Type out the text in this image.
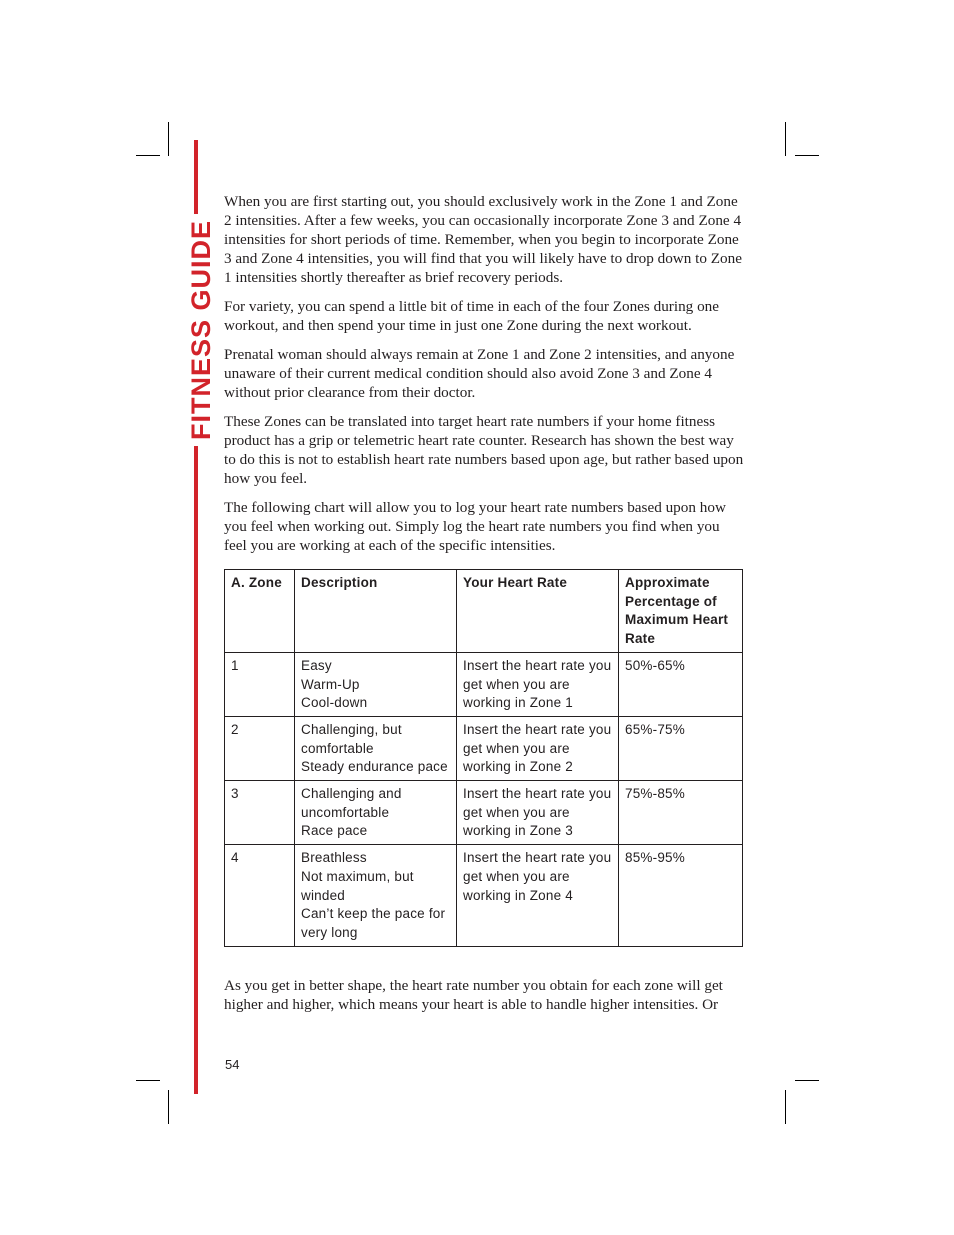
FITNESS GUIDE

When you are first starting out, you should exclusively work in the Zone 1 and Zone 2 intensities. After a few weeks, you can occasionally incorporate Zone 3 and Zone 4 intensities for short periods of time. Remember, when you begin to incorporate Zone 3 and Zone 4 intensities, you will find that you will likely have to drop down to Zone 1 intensities shortly thereafter as brief recovery periods.

For variety, you can spend a little bit of time in each of the four Zones during one workout, and then spend your time in just one Zone during the next workout.

Prenatal woman should always remain at Zone 1 and Zone 2 intensities, and anyone unaware of their current medical condition should also avoid Zone 3 and Zone 4 without prior clearance from their doctor.

These Zones can be translated into target heart rate numbers if your home fitness product has a grip or telemetric heart rate counter. Research has shown the best way to do this is not to establish heart rate numbers based upon age, but rather based upon how you feel.

The following chart will allow you to log your heart rate numbers based upon how you feel when working out. Simply log the heart rate numbers you find when you feel you are working at each of the specific intensities.

A. Zone	Description	Your Heart Rate	Approximate Percentage of Maximum Heart Rate
1	Easy
Warm-Up
Cool-down	Insert the heart rate you get when you are working in Zone 1	50%-65%
2	Challenging, but comfortable
Steady endurance pace	Insert the heart rate you get when you are working in Zone 2	65%-75%
3	Challenging and uncomfortable
Race pace	Insert the heart rate you get when you are working in Zone 3	75%-85%
4	Breathless
Not maximum, but winded
Can’t keep the pace for very long	Insert the heart rate you get when you are working in Zone 4	85%-95%

As you get in better shape, the heart rate number you obtain for each zone will get higher and higher, which means your heart is able to handle higher intensities. Or

54
